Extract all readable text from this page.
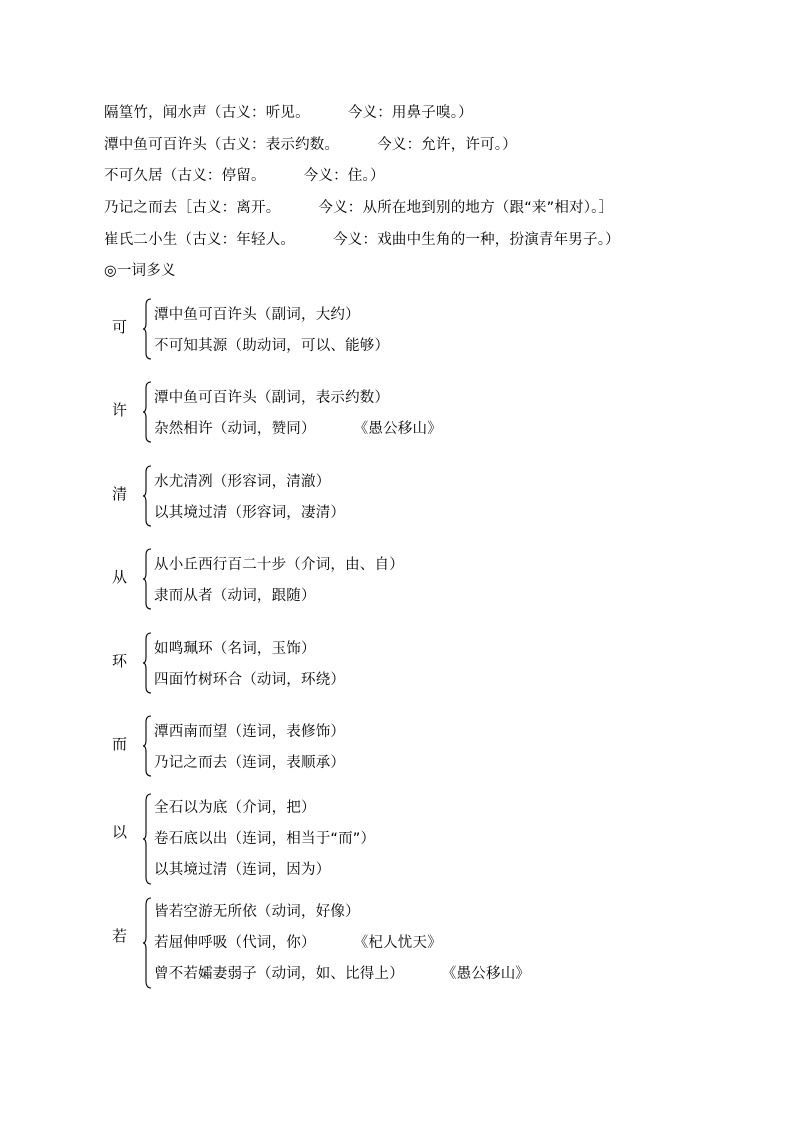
隔篁竹，闻水声（古义：听见。	今义：用鼻子嗅。）
潭中鱼可百许头（古义：表示约数。	今义：允许，许可。）
不可久居（古义：停留。	今义：住。）
乃记之而去［古义：离开。	今义：从所在地到别的地方（跟“来”相对）。］
崔氏二小生（古义：年轻人。	今义：戏曲中生角的一种，扮演青年男子。）
◎一词多义
可
潭中鱼可百许头（副词，大约）
不可知其源（助动词，可以、能够）
许
潭中鱼可百许头（副词，表示约数）
杂然相许（动词，赞同）	《愚公移山》
清
水尤清冽（形容词，清澈）
以其境过清（形容词，凄清）
从
从小丘西行百二十步（介词，由、自）
隶而从者（动词，跟随）
环
如鸣珮环（名词，玉饰）
四面竹树环合（动词，环绕）
而
潭西南而望（连词，表修饰）
乃记之而去（连词，表顺承）
以
全石以为底（介词，把）
卷石底以出（连词，相当于“而”）
以其境过清（连词，因为）
若
皆若空游无所依（动词，好像）
若屈伸呼吸（代词，你）	《杞人忧天》
曾不若孀妻弱子（动词，如、比得上）	《愚公移山》
